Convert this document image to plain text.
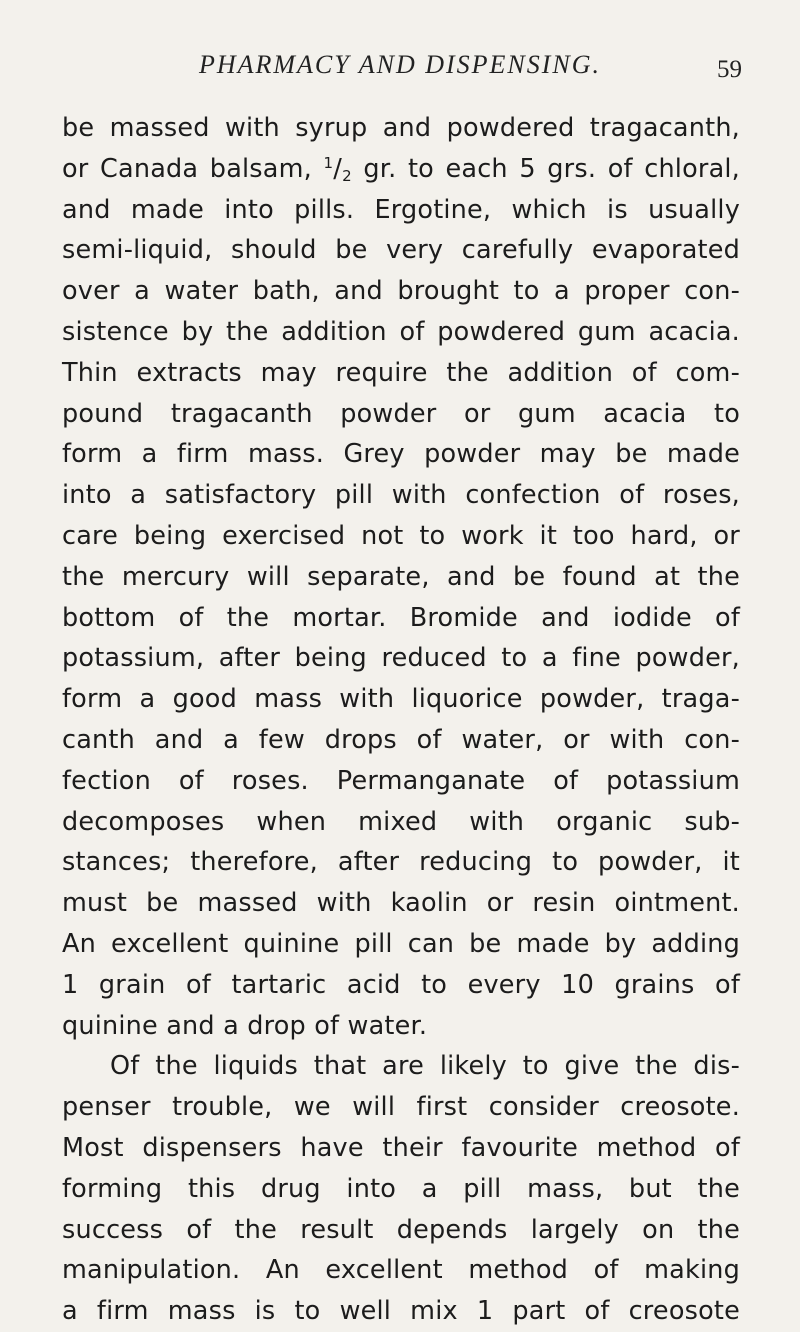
PHARMACY AND DISPENSING.	59
be massed with syrup and powdered tragacanth,
or Canada balsam, $^1/_2$ gr. to each 5 grs. of chloral,
and made into pills. Ergotine, which is usually
semi-liquid, should be very carefully evaporated
over a water bath, and brought to a proper con-
sistence by the addition of powdered gum acacia.
Thin extracts may require the addition of com-
pound tragacanth powder or gum acacia to
form a firm mass. Grey powder may be made
into a satisfactory pill with confection of roses,
care being exercised not to work it too hard, or
the mercury will separate, and be found at the
bottom of the mortar. Bromide and iodide of
potassium, after being reduced to a fine powder,
form a good mass with liquorice powder, traga-
canth and a few drops of water, or with con-
fection of roses. Permanganate of potassium
decomposes when mixed with organic sub-
stances; therefore, after reducing to powder, it
must be massed with kaolin or resin ointment.
An excellent quinine pill can be made by adding
1 grain of tartaric acid to every 10 grains of
quinine and a drop of water.
Of the liquids that are likely to give the dis-
penser trouble, we will first consider creosote.
Most dispensers have their favourite method of
forming this drug into a pill mass, but the
success of the result depends largely on the
manipulation. An excellent method of making
a firm mass is to well mix 1 part of creosote
